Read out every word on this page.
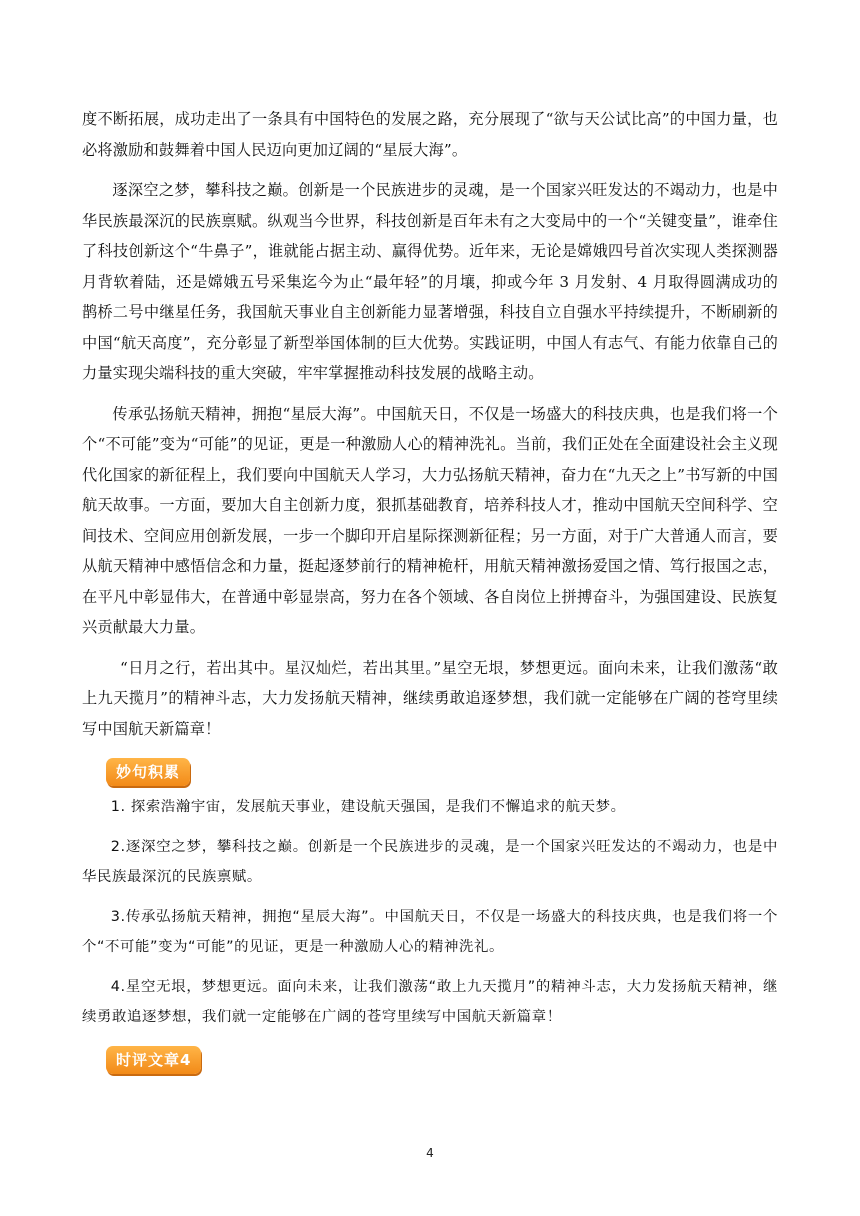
度不断拓展，成功走出了一条具有中国特色的发展之路，充分展现了“欲与天公试比高”的中国力量，也必将激励和鼓舞着中国人民迈向更加辽阔的“星辰大海”。

逐深空之梦，攀科技之巅。创新是一个民族进步的灵魂，是一个国家兴旺发达的不竭动力，也是中华民族最深沉的民族禀赋。纵观当今世界，科技创新是百年未有之大变局中的一个“关键变量”，谁牵住了科技创新这个“牛鼻子”，谁就能占据主动、赢得优势。近年来，无论是嫦娥四号首次实现人类探测器月背软着陆，还是嫦娥五号采集迄今为止“最年轻”的月壤，抑或今年 3 月发射、4 月取得圆满成功的鹊桥二号中继星任务，我国航天事业自主创新能力显著增强，科技自立自强水平持续提升，不断刷新的中国“航天高度”，充分彰显了新型举国体制的巨大优势。实践证明，中国人有志气、有能力依靠自己的力量实现尖端科技的重大突破，牢牢掌握推动科技发展的战略主动。

传承弘扬航天精神，拥抱“星辰大海”。中国航天日，不仅是一场盛大的科技庆典，也是我们将一个个“不可能”变为“可能”的见证，更是一种激励人心的精神洗礼。当前，我们正处在全面建设社会主义现代化国家的新征程上，我们要向中国航天人学习，大力弘扬航天精神，奋力在“九天之上”书写新的中国航天故事。一方面，要加大自主创新力度，狠抓基础教育，培养科技人才，推动中国航天空间科学、空间技术、空间应用创新发展，一步一个脚印开启星际探测新征程；另一方面，对于广大普通人而言，要从航天精神中感悟信念和力量，挺起逐梦前行的精神桅杆，用航天精神激扬爱国之情、笃行报国之志，在平凡中彰显伟大，在普通中彰显崇高，努力在各个领域、各自岗位上拼搏奋斗，为强国建设、民族复兴贡献最大力量。

“日月之行，若出其中。星汉灿烂，若出其里。”星空无垠，梦想更远。面向未来，让我们激荡“敢上九天揽月”的精神斗志，大力发扬航天精神，继续勇敢追逐梦想，我们就一定能够在广阔的苍穹里续写中国航天新篇章！

妙句积累

1. 探索浩瀚宇宙，发展航天事业，建设航天强国，是我们不懈追求的航天梦。

2.逐深空之梦，攀科技之巅。创新是一个民族进步的灵魂，是一个国家兴旺发达的不竭动力，也是中华民族最深沉的民族禀赋。

3.传承弘扬航天精神，拥抱“星辰大海”。中国航天日，不仅是一场盛大的科技庆典，也是我们将一个个“不可能”变为“可能”的见证，更是一种激励人心的精神洗礼。

4.星空无垠，梦想更远。面向未来，让我们激荡“敢上九天揽月”的精神斗志，大力发扬航天精神，继续勇敢追逐梦想，我们就一定能够在广阔的苍穹里续写中国航天新篇章！

时评文章4
4
